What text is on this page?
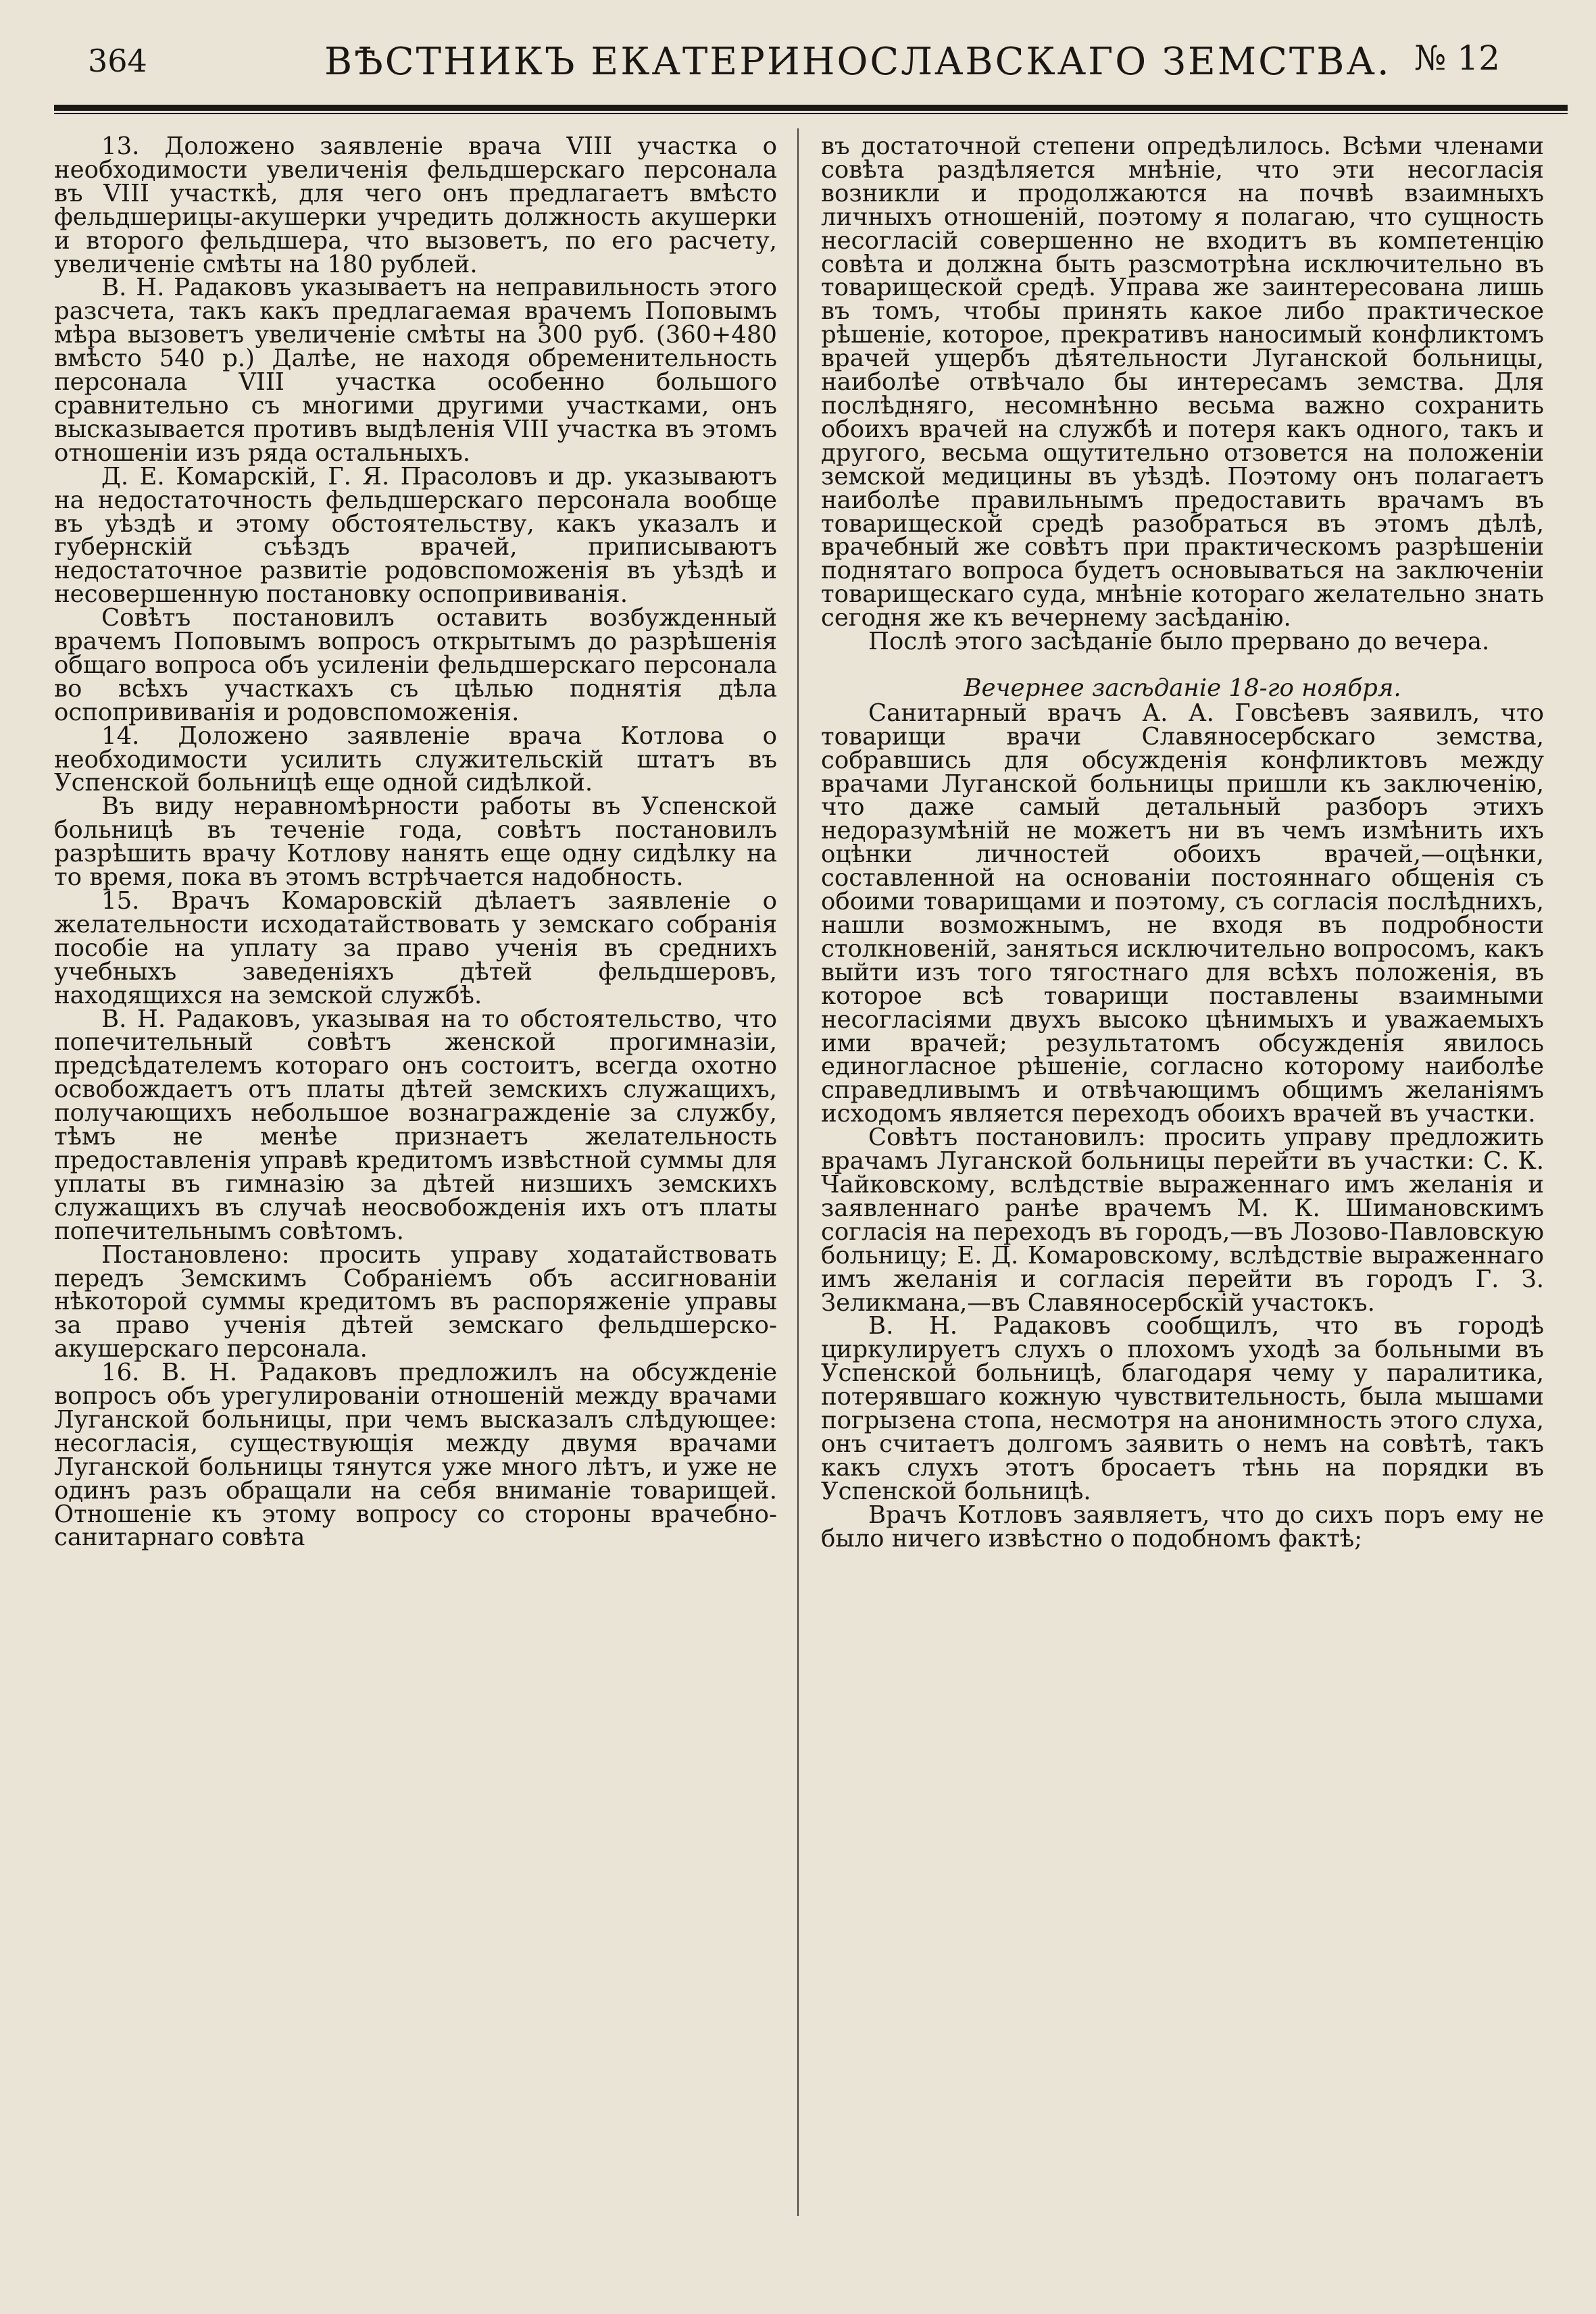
364	ВѢСТНИКЪ ЕКАТЕРИНОСЛАВСКАГО ЗЕМСТВА. № 12

13. Доложено заявленіе врача VIII участка о необходимости увеличенія фельдшерскаго персонала въ VIII участкѣ, для чего онъ предлагаетъ вмѣсто фельдшерицы-акушерки учредить должность акушерки и второго фельдшера, что вызоветъ, по его расчету, увеличеніе смѣты на 180 рублей.

В. Н. Радаковъ указываетъ на неправильность этого разсчета, такъ какъ предлагаемая врачемъ Поповымъ мѣра вызоветъ увеличеніе смѣты на 300 руб. (360+480 вмѣсто 540 р.) Далѣе, не находя обременительность персонала VIII участка особенно большого сравнительно съ многими другими участками, онъ высказывается противъ выдѣленія VIII участка въ этомъ отношеніи изъ ряда остальныхъ.

Д. Е. Комарскій, Г. Я. Прасоловъ и др. указываютъ на недостаточность фельдшерскаго персонала вообще въ уѣздѣ и этому обстоятельству, какъ указалъ и губернскій съѣздъ врачей, приписываютъ недостаточное развитіе родовспоможенія въ уѣздѣ и несовершенную постановку оспопрививанія.

Совѣтъ постановилъ оставить возбужденный врачемъ Поповымъ вопросъ открытымъ до разрѣшенія общаго вопроса объ усиленіи фельдшерскаго персонала во всѣхъ участкахъ съ цѣлью поднятія дѣла оспопрививанія и родовспоможенія.

14. Доложено заявленіе врача Котлова о необходимости усилить служительскій штатъ въ Успенской больницѣ еще одной сидѣлкой.

Въ виду неравномѣрности работы въ Успенской больницѣ въ теченіе года, совѣтъ постановилъ разрѣшить врачу Котлову нанять еще одну сидѣлку на то время, пока въ этомъ встрѣчается надобность.

15. Врачъ Комаровскій дѣлаетъ заявленіе о желательности исходатайствовать у земскаго собранія пособіе на уплату за право ученія въ среднихъ учебныхъ заведеніяхъ дѣтей фельдшеровъ, находящихся на земской службѣ.

В. Н. Радаковъ, указывая на то обстоятельство, что попечительный совѣтъ женской прогимназіи, предсѣдателемъ котораго онъ состоитъ, всегда охотно освобождаетъ отъ платы дѣтей земскихъ служащихъ, получающихъ небольшое вознагражденіе за службу, тѣмъ не менѣе признаетъ желательность предоставленія управѣ кредитомъ извѣстной суммы для уплаты въ гимназію за дѣтей низшихъ земскихъ служащихъ въ случаѣ неосвобожденія ихъ отъ платы попечительнымъ совѣтомъ.

Постановлено: просить управу ходатайствовать передъ Земскимъ Собраніемъ объ ассигнованіи нѣкоторой суммы кредитомъ въ распоряженіе управы за право ученія дѣтей земскаго фельдшерско-акушерскаго персонала.

16. В. Н. Радаковъ предложилъ на обсужденіе вопросъ объ урегулированіи отношеній между врачами Луганской больницы, при чемъ высказалъ слѣдующее: несогласія, существующія между двумя врачами Луганской больницы тянутся уже много лѣтъ, и уже не одинъ разъ обращали на себя вниманіе товарищей. Отношеніе къ этому вопросу со стороны врачебно-санитарнаго совѣта

въ достаточной степени опредѣлилось. Всѣми членами совѣта раздѣляется мнѣніе, что эти несогласія возникли и продолжаются на почвѣ взаимныхъ личныхъ отношеній, поэтому я полагаю, что сущность несогласій совершенно не входитъ въ компетенцію совѣта и должна быть разсмотрѣна исключительно въ товарищеской средѣ. Управа же заинтересована лишь въ томъ, чтобы принять какое либо практическое рѣшеніе, которое, прекративъ наносимый конфликтомъ врачей ущербъ дѣятельности Луганской больницы, наиболѣе отвѣчало бы интересамъ земства. Для послѣдняго, несомнѣнно весьма важно сохранить обоихъ врачей на службѣ и потеря какъ одного, такъ и другого, весьма ощутительно отзовется на положеніи земской медицины въ уѣздѣ. Поэтому онъ полагаетъ наиболѣе правильнымъ предоставить врачамъ въ товарищеской средѣ разобраться въ этомъ дѣлѣ, врачебный же совѣтъ при практическомъ разрѣшеніи поднятаго вопроса будетъ основываться на заключеніи товарищескаго суда, мнѣніе котораго желательно знать сегодня же къ вечернему засѣданію.

Послѣ этого засѣданіе было прервано до вечера.

Вечернее засѣданіе 18-го ноября.

Санитарный врачъ А. А. Говсѣевъ заявилъ, что товарищи врачи Славяносербскаго земства, собравшись для обсужденія конфликтовъ между врачами Луганской больницы пришли къ заключенію, что даже самый детальный разборъ этихъ недоразумѣній не можетъ ни въ чемъ измѣнить ихъ оцѣнки личностей обоихъ врачей,—оцѣнки, составленной на основаніи постояннаго общенія съ обоими товарищами и поэтому, съ согласія послѣднихъ, нашли возможнымъ, не входя въ подробности столкновеній, заняться исключительно вопросомъ, какъ выйти изъ того тягостнаго для всѣхъ положенія, въ которое всѣ товарищи поставлены взаимными несогласіями двухъ высоко цѣнимыхъ и уважаемыхъ ими врачей; результатомъ обсужденія явилось единогласное рѣшеніе, согласно которому наиболѣе справедливымъ и отвѣчающимъ общимъ желаніямъ исходомъ является переходъ обоихъ врачей въ участки.

Совѣтъ постановилъ: просить управу предложить врачамъ Луганской больницы перейти въ участки: С. К. Чайковскому, вслѣдствіе выраженнаго имъ желанія и заявленнаго ранѣе врачемъ М. К. Шимановскимъ согласія на переходъ въ городъ,—въ Лозово-Павловскую больницу; Е. Д. Комаровскому, вслѣдствіе выраженнаго имъ желанія и согласія перейти въ городъ Г. З. Зеликмана,—въ Славяносербскій участокъ.

В. Н. Радаковъ сообщилъ, что въ городѣ циркулируетъ слухъ о плохомъ уходѣ за больными въ Успенской больницѣ, благодаря чему у паралитика, потерявшаго кожную чувствительность, была мышами погрызена стопа, несмотря на анонимность этого слуха, онъ считаетъ долгомъ заявить о немъ на совѣтѣ, такъ какъ слухъ этотъ бросаетъ тѣнь на порядки въ Успенской больницѣ.

Врачъ Котловъ заявляетъ, что до сихъ поръ ему не было ничего извѣстно о подобномъ фактѣ;
